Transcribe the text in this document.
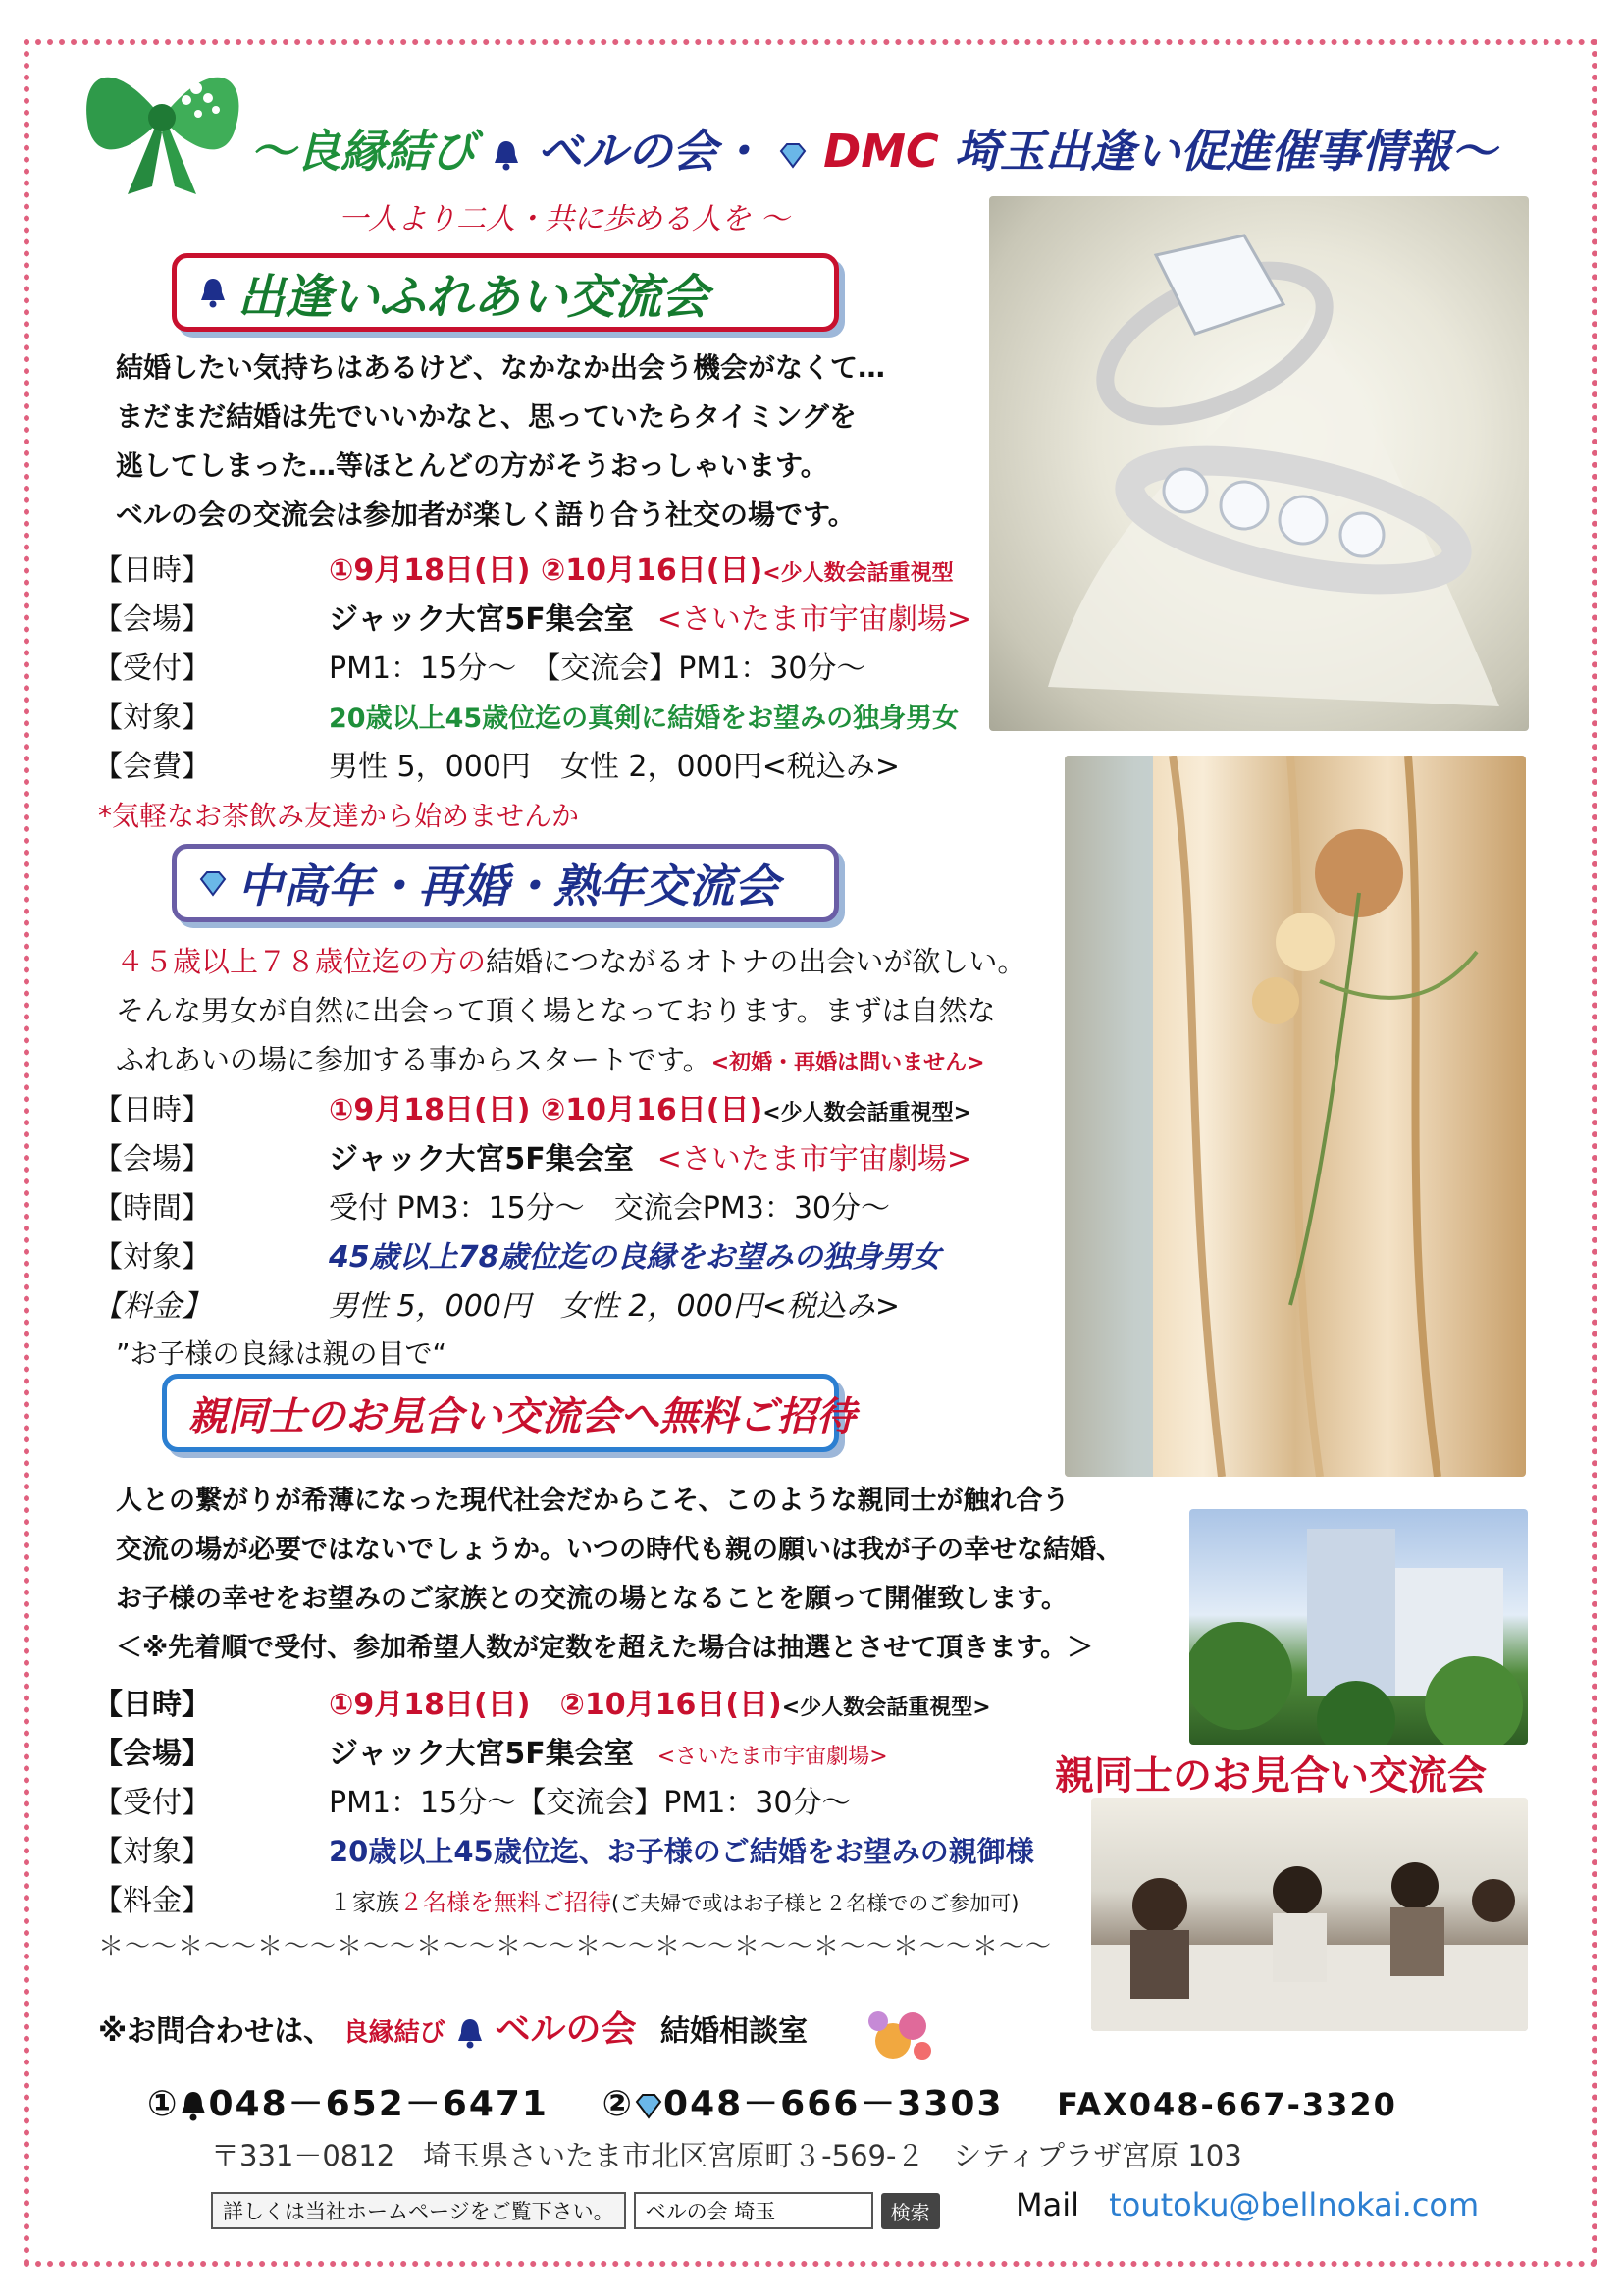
～良縁結び ベルの会・ DMC 埼玉出逢い促進催事情報～
一人より二人・共に歩める人を ～
親同士のお見合い交流会
出逢いふれあい交流会
結婚したい気持ちはあるけど、なかなか出会う機会がなくて…
まだまだ結婚は先でいいかなと、思っていたらタイミングを
逃してしまった…等ほとんどの方がそうおっしゃいます。
ベルの会の交流会は参加者が楽しく語り合う社交の場です。
【日時】	①9月18日(日) ②10月16日(日) <少人数会話重視型
【会場】	ジャック大宮5F集会室 <さいたま市宇宙劇場>
【受付】	PM1：15分～　【交流会】PM1：30分～
【対象】	20歳以上45歳位迄の真剣に結婚をお望みの独身男女
【会費】	男性 5，000円　女性 2，000円<税込み>
*気軽なお茶飲み友達から始めませんか
中高年・再婚・熟年交流会
４５歳以上７８歳位迄の方の結婚につながるオトナの出会いが欲しい。
そんな男女が自然に出会って頂く場となっております。まずは自然な
ふれあいの場に参加する事からスタートです。<初婚・再婚は問いません>
【日時】	①9月18日(日) ②10月16日(日) <少人数会話重視型>
【会場】	ジャック大宮5F集会室 <さいたま市宇宙劇場>
【時間】	受付 PM3：15分～　交流会PM3：30分～
【対象】	45歳以上78歳位迄の良縁をお望みの独身男女
【料金】	男性 5，000円　女性 2，000円<税込み>
”お子様の良縁は親の目で“
親同士のお見合い交流会へ無料ご招待
人との繋がりが希薄になった現代社会だからこそ、このような親同士が触れ合う
交流の場が必要ではないでしょうか。いつの時代も親の願いは我が子の幸せな結婚、
お子様の幸せをお望みのご家族との交流の場となることを願って開催致します。
＜※先着順で受付、参加希望人数が定数を超えた場合は抽選とさせて頂きます。＞
【日時】	①9月18日(日)　②10月16日(日) <少人数会話重視型>
【会場】	ジャック大宮5F集会室 <さいたま市宇宙劇場>
【受付】	PM1：15分～【交流会】PM1：30分～
【対象】	20歳以上45歳位迄、お子様のご結婚をお望みの親御様
【料金】	１家族 ２名様を無料ご招待 (ご夫婦で或はお子様と２名様でのご参加可)
＊～～＊～～＊～～＊～～＊～～＊～～＊～～＊～～＊～～＊～～＊～～＊～～
※お問合わせは、 良縁結び ベルの会 結婚相談室
① 048－652－6471 ② 048－666－3303 FAX048-667-3320
〒331－0812　埼玉県さいたま市北区宮原町３-569-２　シティプラザ宮原 103
詳しくは当社ホームページをご覧下さい。	ベルの会 埼玉	検索	Mail toutoku@bellnokai.com
